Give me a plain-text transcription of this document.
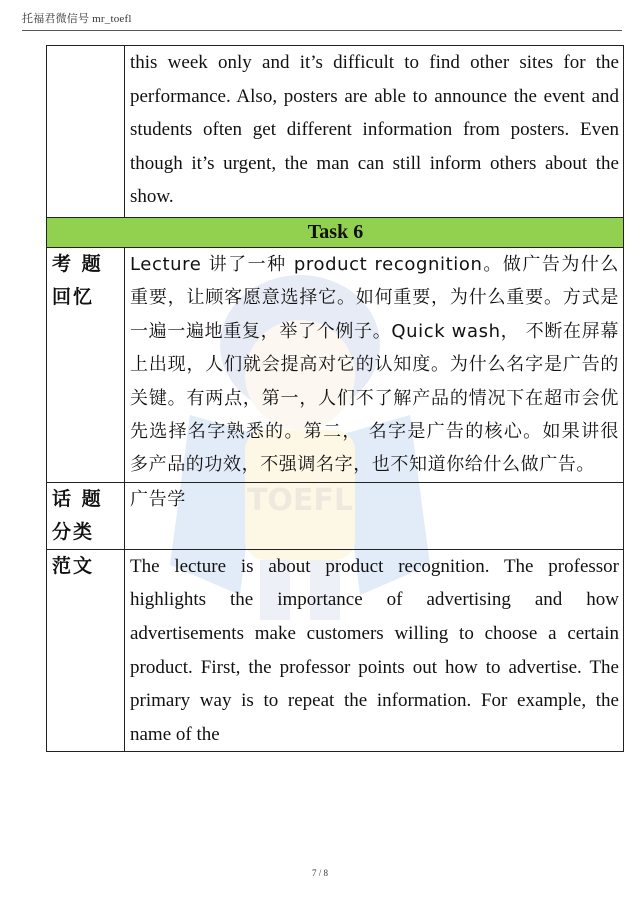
托福君微信号 mr_toefl
TOEFL
	this week only and it’s difficult to find other sites for the performance. Also, posters are able to announce the event and students often get different information from posters. Even though it’s urgent, the man can still inform others about the show.
Task 6	
考 题 回忆	Lecture 讲了一种 product recognition。做广告为什么重要，让顾客愿意选择它。如何重要，为什么重要。方式是一遍一遍地重复，举了个例子。Quick wash， 不断在屏幕上出现，人们就会提高对它的认知度。为什么名字是广告的关键。有两点，第一，人们不了解产品的情况下在超市会优先选择名字熟悉的。第二， 名字是广告的核心。如果讲很多产品的功效，不强调名字，也不知道你给什么做广告。
话 题 分类	广告学
范文	The lecture is about product recognition. The professor highlights the importance of advertising and how advertisements make customers willing to choose a certain product. First, the professor points out how to advertise. The primary way is to repeat the information. For example, the name of the
7 / 8
